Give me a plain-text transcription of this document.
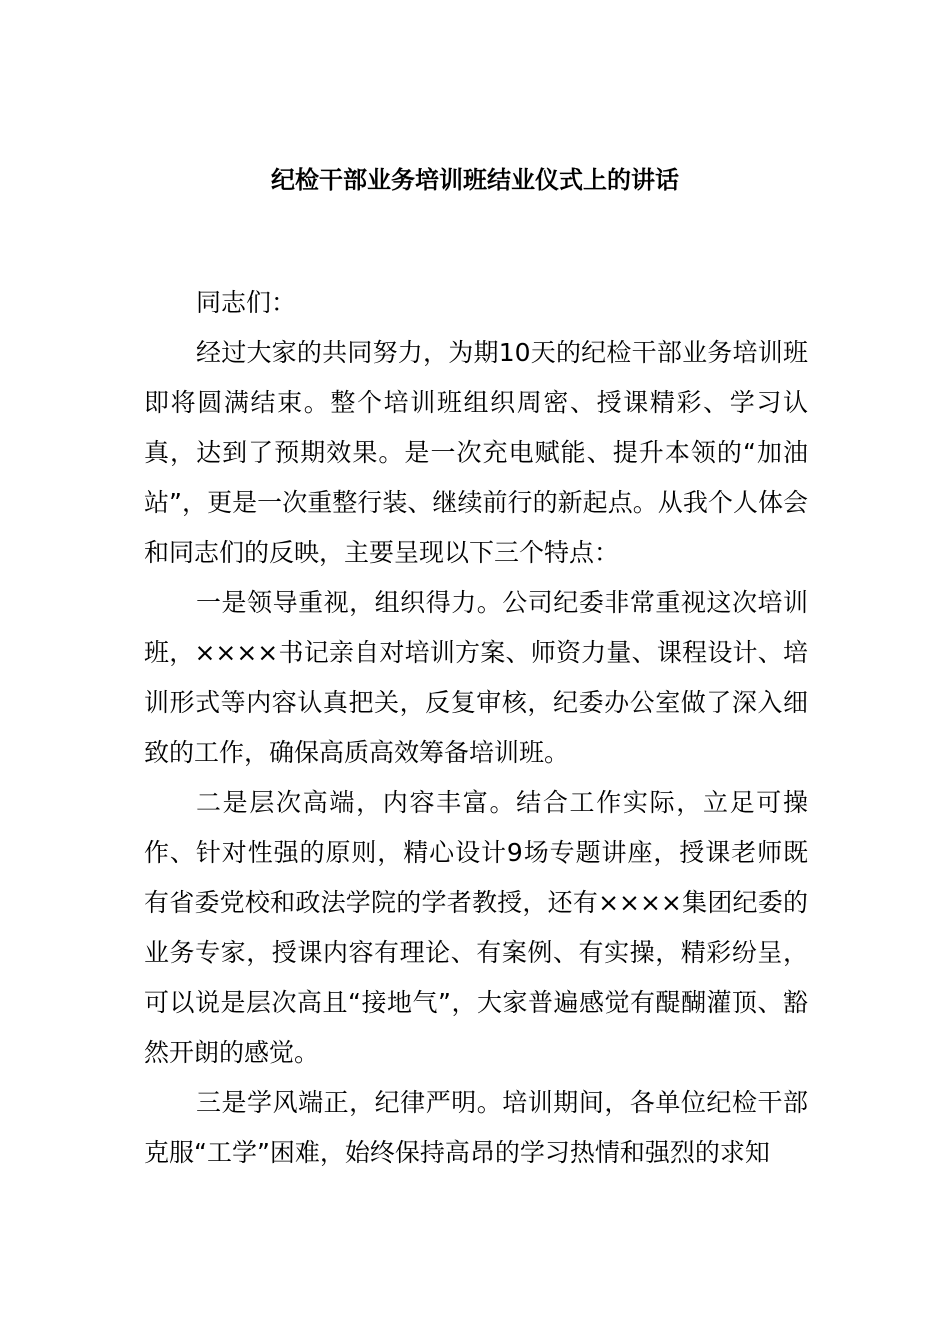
纪检干部业务培训班结业仪式上的讲话

同志们：

经过大家的共同努力，为期10天的纪检干部业务培训班即将圆满结束。整个培训班组织周密、授课精彩、学习认真，达到了预期效果。是一次充电赋能、提升本领的“加油站”，更是一次重整行装、继续前行的新起点。从我个人体会和同志们的反映，主要呈现以下三个特点：

一是领导重视，组织得力。公司纪委非常重视这次培训班，××××书记亲自对培训方案、师资力量、课程设计、培训形式等内容认真把关，反复审核，纪委办公室做了深入细致的工作，确保高质高效筹备培训班。

二是层次高端，内容丰富。结合工作实际，立足可操作、针对性强的原则，精心设计9场专题讲座，授课老师既有省委党校和政法学院的学者教授，还有××××集团纪委的业务专家，授课内容有理论、有案例、有实操，精彩纷呈，可以说是层次高且“接地气”，大家普遍感觉有醍醐灌顶、豁然开朗的感觉。

三是学风端正，纪律严明。培训期间，各单位纪检干部克服“工学”困难，始终保持高昂的学习热情和强烈的求知
